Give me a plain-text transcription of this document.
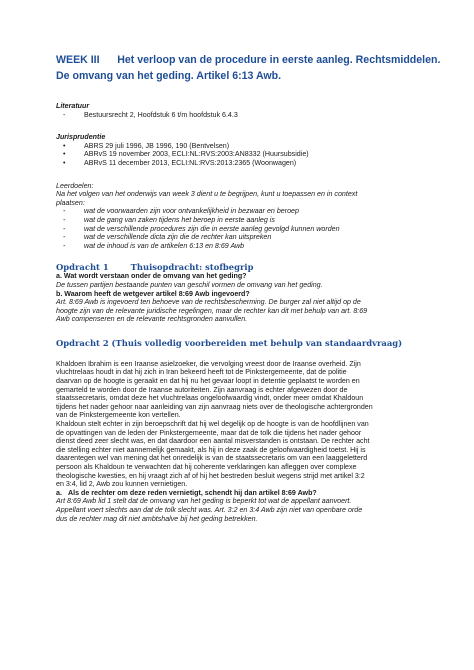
WEEK III      Het verloop van de procedure in eerste aanleg. Rechtsmiddelen.
De omvang van het geding. Artikel 6:13 Awb.
Literatuur
-	Bestuursrecht 2, Hoofdstuk 6 t/m hoofdstuk 6.4.3
Jurisprudentie
•	ABRS 29 juli 1996, JB 1996, 190 (Bentvelsen)
•	ABRvS 19 november 2003, ECLI:NL:RVS:2003:AN8332 (Huursubsidie)
•	ABRvS 11 december 2013, ECLI:NL:RVS:2013:2365 (Woonwagen)

Leerdoelen:

Na het volgen van het onderwijs van week 3 dient u te begrijpen, kunt u toepassen en in context

plaatsen:

-	wat de voorwaarden zijn voor ontvankelijkheid in bezwaar en beroep
-	wat de gang van zaken tijdens het beroep in eerste aanleg is
-	wat de verschillende procedures zijn die in eerste aanleg gevolgd kunnen worden
-	wat de verschillende dicta zijn die de rechter kan uitspreken
-	wat de inhoud is van de artikelen 6:13 en 8:69 Awb
Opdracht 1	Thuisopdracht: stofbegrip
a. Wat wordt verstaan onder de omvang van het geding?

De tussen partijen bestaande punten van geschil vormen de omvang van het geding.

b. Waarom heeft de wetgever artikel 8:69 Awb ingevoerd?

Art. 8:69 Awb is ingevoerd ten behoeve van de rechtsbescherming. De burger zal niet altijd op de

hoogte zijn van de relevante juridische regelingen, maar de rechter kan dit met behulp van art. 8:69

Awb compenseren en de relevante rechtsgronden aanvullen.

Opdracht 2 (Thuis volledig voorbereiden met behulp van standaardvraag)
Khaldoen Ibrahim is een Iraanse asielzoeker, die vervolging vreest door de Iraanse overheid. Zijn
vluchtrelaas houdt in dat hij zich in Iran bekeerd heeft tot de Pinkstergemeente, dat de politie
daarvan op de hoogte is geraakt en dat hij nu het gevaar loopt in detentie geplaatst te worden en
gemarteld te worden door de Iraanse autoriteiten. Zijn aanvraag is echter afgewezen door de
staatssecretaris, omdat deze het vluchtrelaas ongeloofwaardig vindt, onder meer omdat Khaldoun
tijdens het nader gehoor naar aanleiding van zijn aanvraag niets over de theologische achtergronden
van de Pinkstergemeente kon vertellen.
Khaldoun stelt echter in zijn beroepschrift dat hij wel degelijk op de hoogte is van de hoofdlijnen van
de opvattingen van de leden der Pinkstergemeente, maar dat de tolk die tijdens het nader gehoor
dienst deed zeer slecht was, en dat daardoor een aantal misverstanden is ontstaan. De rechter acht
die stelling echter niet aannemelijk gemaakt, als hij in deze zaak de geloofwaardigheid toetst. Hij is
daarentegen wel van mening dat het onredelijk is van de staatssecretaris om van een laaggeletterd
persoon als Khaldoun te verwachten dat hij coherente verklaringen kan afleggen over complexe
theologische kwesties, en hij vraagt zich af of hij het bestreden besluit wegens strijd met artikel 3:2
en 3:4, lid 2, Awb zou kunnen vernietigen.
a. Als de rechter om deze reden vernietigt, schendt hij dan artikel 8:69 Awb?

Art 8:69 Awb lid 1 stelt dat de omvang van het geding is beperkt tot wat de appellant aanvoert.

Appellant voert slechts aan dat de tolk slecht was. Art. 3:2 en 3:4 Awb zijn niet van openbare orde

dus de rechter mag dit niet ambtshalve bij het geding betrekken.
